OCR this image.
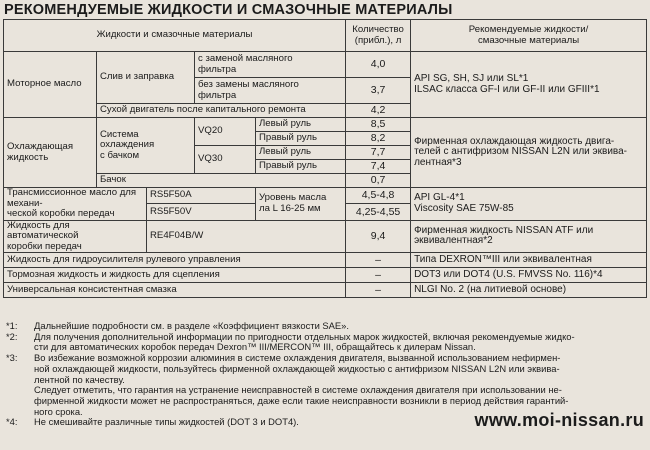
РЕКОМЕНДУЕМЫЕ ЖИДКОСТИ И СМАЗОЧНЫЕ МАТЕРИАЛЫ
Жидкости и смазочные материалы					Количество
(прибл.), л	Рекомендуемые жидкости/
смазочные материалы
Моторное масло	Слив и заправка		с заменой масляного
фильтра		4,0	API SG, SH, SJ или SL*1
ILSAC класса GF-I или GF-II или GFIII*1
			без замены масляного
фильтра		3,7	
	Сухой двигатель после капитального ремонта				4,2	
Охлаждающая
жидкость	Система
охлаждения
с бачком		VQ20	Левый руль	8,5	Фирменная охлаждающая жидкость двига-
телей с антифризом NISSAN L2N или эквива-
лентная*3
				Правый руль	8,2	
			VQ30	Левый руль	7,7	
				Правый руль	7,4	
	Бачок				0,7	
Трансмиссионное масло для механи-
ческой коробки передач		RS5F50A		Уровень масла
ла L 16-25 мм	4,5-4,8	API GL-4*1
Viscosity SAE 75W-85
		RS5F50V			4,25-4,55	
Жидкость для автоматической
коробки передач		RE4F04B/W			9,4	Фирменная жидкость NISSAN ATF или
эквивалентная*2
Жидкость для гидроусилителя рулевого управления					–	Типа DEXRON™III или эквивалентная
Тормозная жидкость и жидкость для сцепления					–	DOT3 или DOT4 (U.S. FMVSS No. 116)*4
Универсальная консистентная смазка					–	NLGI No. 2 (на литиевой основе)
*1:	Дальнейшие подробности см. в разделе «Коэффициент вязкости SAE».
*2:	Для получения дополнительной информации по пригодности отдельных марок жидкостей, включая рекомендуемые жидко-
сти для автоматических коробок передач Dexron™ III/MERCON™ III, обращайтесь к дилерам Nissan.
*3:	Во избежание возможной коррозии алюминия в системе охлаждения двигателя, вызванной использованием нефирмен-
ной охлаждающей жидкости, пользуйтесь фирменной охлаждающей жидкостью с антифризом NISSAN L2N или эквива-
лентной по качеству.
Следует отметить, что гарантия на устранение неисправностей в системе охлаждения двигателя при использовании не-
фирменной жидкости может не распространяться, даже если такие неисправности возникли в период действия гарантий-
ного срока.
*4:	Не смешивайте различные типы жидкостей (DOT 3 и DOT4).	www.moi-nissan.ru
